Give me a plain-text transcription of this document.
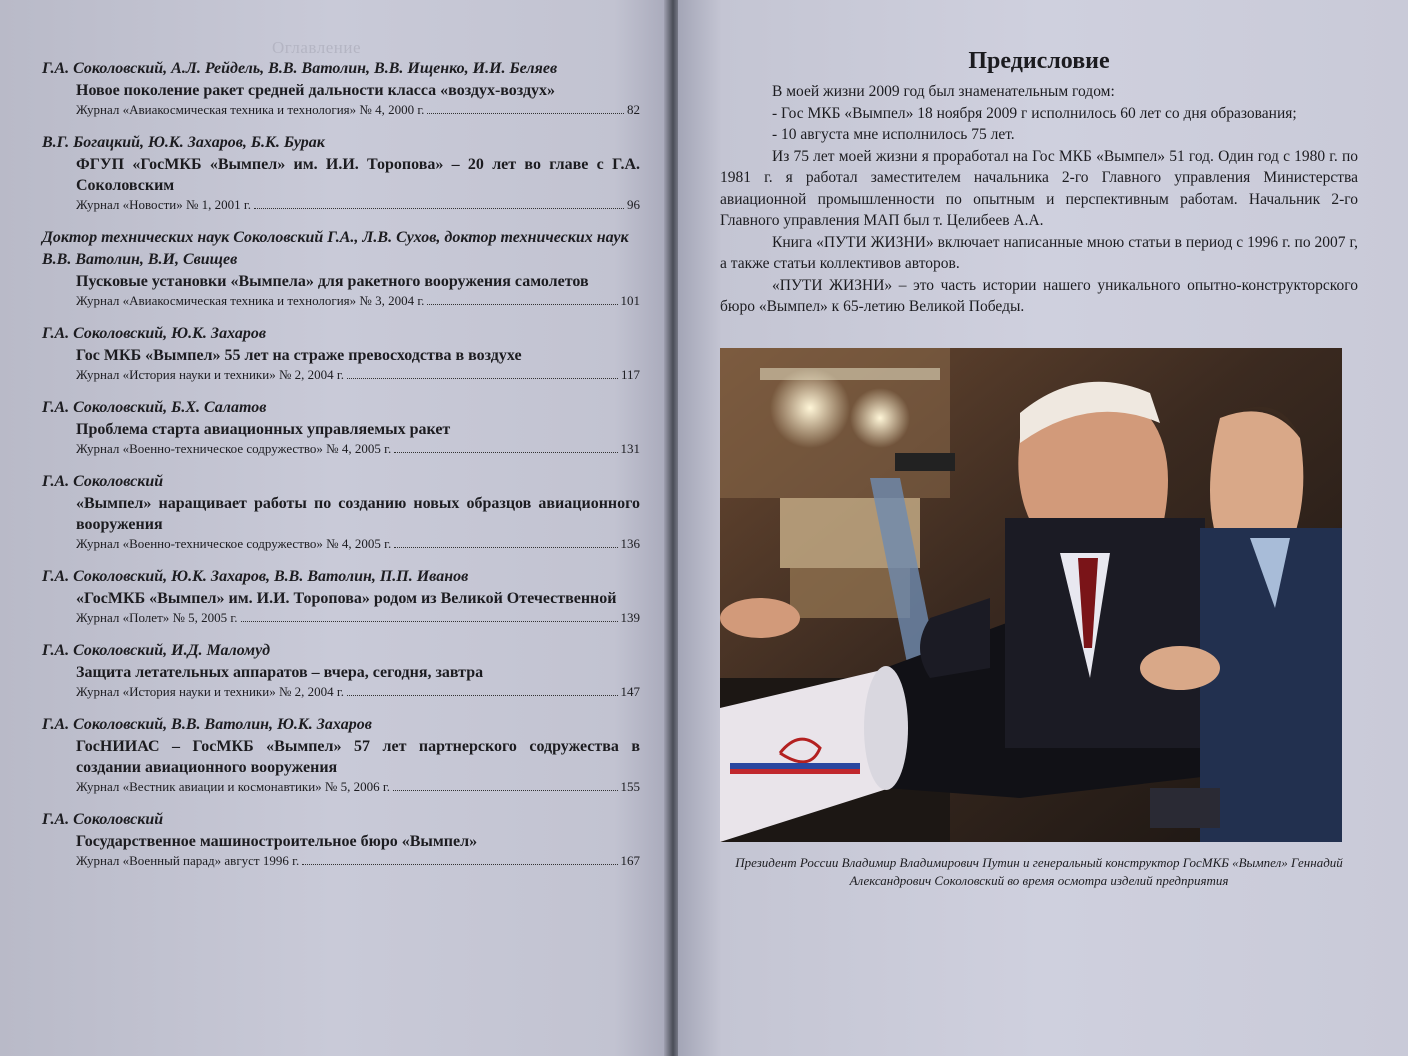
Оглавление
Г.А. Соколовский, А.Л. Рейдель, В.В. Ватолин, В.В. Ищенко, И.И. Беляев
Новое поколение ракет средней дальности класса «воздух-воздух»
Журнал «Авиакосмическая техника и технология» № 4, 2000 г.	82
В.Г. Богацкий, Ю.К. Захаров, Б.К. Бурак
ФГУП «ГосМКБ «Вымпел» им. И.И. Торопова» – 20 лет во главе с Г.А. Соколовским
Журнал «Новости» № 1, 2001 г.	96
Доктор технических наук Соколовский Г.А., Л.В. Сухов, доктор технических наук В.В. Ватолин, В.И, Свищев
Пусковые установки «Вымпела» для ракетного вооружения самолетов
Журнал «Авиакосмическая техника и технология» № 3, 2004 г.	101
Г.А. Соколовский, Ю.К. Захаров
Гос МКБ «Вымпел» 55 лет на страже превосходства в воздухе
Журнал «История науки и техники» № 2, 2004 г.	117
Г.А. Соколовский, Б.Х. Салатов
Проблема старта авиационных управляемых ракет
Журнал «Военно-техническое содружество» № 4, 2005 г.	131
Г.А. Соколовский
«Вымпел» наращивает работы по созданию новых образцов авиационного вооружения
Журнал «Военно-техническое содружество» № 4, 2005 г.	136
Г.А. Соколовский, Ю.К. Захаров, В.В. Ватолин, П.П. Иванов
«ГосМКБ «Вымпел» им. И.И. Торопова» родом из Великой Отечественной
Журнал «Полет» № 5, 2005 г.	139
Г.А. Соколовский, И.Д. Маломуд
Защита летательных аппаратов – вчера, сегодня, завтра
Журнал «История науки и техники» № 2, 2004 г.	147
Г.А. Соколовский, В.В. Ватолин, Ю.К. Захаров
ГосНИИАС – ГосМКБ «Вымпел» 57 лет партнерского содружества в создании авиационного вооружения
Журнал «Вестник авиации и космонавтики» № 5, 2006 г.	155
Г.А. Соколовский
Государственное машиностроительное бюро «Вымпел»
Журнал «Военный парад» август 1996 г.	167
Предисловие

В моей жизни 2009 год был знаменательным годом:

- Гос МКБ «Вымпел» 18 ноября 2009 г исполнилось 60 лет со дня образования;

- 10 августа мне исполнилось 75 лет.

Из 75 лет моей жизни я проработал на Гос МКБ «Вымпел» 51 год. Один год с 1980 г. по 1981 г. я работал заместителем начальника 2-го Главного управления Министерства авиационной промышленности по опытным и перспективным работам. Начальник 2-го Главного управления МАП был т. Целибеев А.А.

Книга «ПУТИ ЖИЗНИ» включает написанные мною статьи в период с 1996 г. по 2007 г, а также статьи коллективов авторов.

«ПУТИ ЖИЗНИ» – это часть истории нашего уникального опытно-конструкторского бюро «Вымпел» к 65-летию Великой Победы.

Президент России Владимир Владимирович Путин и генеральный конструктор ГосМКБ «Вымпел» Геннадий Александрович Соколовский во время осмотра изделий предприятия
